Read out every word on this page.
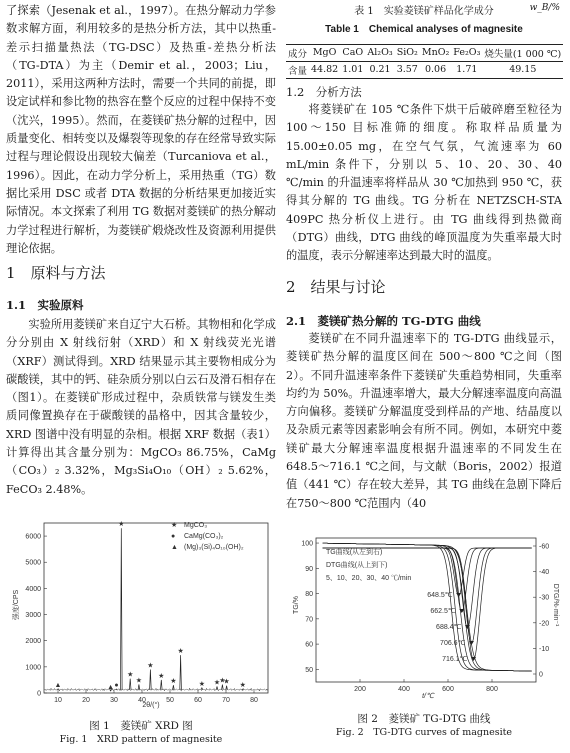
了探索（Jesenak et al.，1997）。在热分解动力学参数求解方面，利用较多的是热分析方法，其中以热重-差示扫描量热法（TG-DSC）及热重-差热分析法（TG-DTA）为主（Demir et al.，2003；Liu，2011），采用这两种方法时，需要一个共同的前提，即设定试样和参比物的热容在整个反应的过程中保持不变（沈兴，1995）。然而，在菱镁矿热分解的过程中，因质量变化、相转变以及爆裂等现象的存在经常导致实际过程与理论假设出现较大偏差（Turcaniova et al.，1996）。因此，在动力学分析上，采用热重（TG）数据比采用 DSC 或者 DTA 数据的分析结果更加接近实际情况。本文探索了利用 TG 数据对菱镁矿的热分解动力学过程进行解析，为菱镁矿煅烧改性及资源利用提供理论依据。

1　原料与方法
1.1　实验原料

实验所用菱镁矿来自辽宁大石桥。其物相和化学成分分别由 X 射线衍射（XRD）和 X 射线荧光光谱（XRF）测试得到。XRD 结果显示其主要物相成分为碳酸镁，其中的钙、硅杂质分别以白云石及滑石相存在（图1）。在菱镁矿形成过程中，杂质铁常与镁发生类质同像置换存在于碳酸镁的晶格中，因其含量较少，XRD 图谱中没有明显的杂相。根据 XRF 数据（表1）计算得出其含量分别为：MgCO₃ 86.75%，CaMg（CO₃）₂ 3.32%，Mg₃Si₄O₁₀（OH）₂ 5.62%，FeCO₃ 2.48%。

0
1000
2000
3000
4000
5000
6000
10	20	30	40	50	60	70	80
▲	▲ ●
★
★
★
★
★
★
★
★ ★ ★
★ ★
★ MgCO₃
● CaMg(CO₃)₂
▲ (Mg)₃(Si)₄O₁₀(OH)₂
强度/CPS
2θ/(°)
图 1　菱镁矿 XRD 图
Fig. 1　XRD pattern of magnesite

表 1　实验菱镁矿样品化学成分	w_B/%

Table 1　Chemical analyses of magnesite

成分	MgO	CaO	Al₂O₃	SiO₂	MnO₂	Fe₂O₃	烧失量(1 000 ℃)
含量	44.82	1.01	0.21	3.57	0.06	1.71	49.15
1.2　分析方法

将菱镁矿在 105 ℃条件下烘干后破碎磨至粒径为 100～150 目标准筛的细度。称取样品质量为 15.00±0.05 mg，在空气气氛，气流速率为 60 mL/min 条件下，分别以 5、10、20、30、40 ℃/min 的升温速率将样品从 30 ℃加热到 950 ℃，获得其分解的 TG 曲线。TG 分析在 NETZSCH-STA 409PC 热分析仪上进行。由 TG 曲线得到热微商（DTG）曲线，DTG 曲线的峰顶温度为失重率最大时的温度，表示分解速率达到最大时的温度。

2　结果与讨论
2.1　菱镁矿热分解的 TG-DTG 曲线

菱镁矿在不同升温速率下的 TG-DTG 曲线显示，菱镁矿热分解的温度区间在 500～800 ℃之间（图2）。不同升温速率条件下菱镁矿失重趋势相同，失重率均约为 50%。升温速率增大，最大分解速率温度向高温方向偏移。菱镁矿分解温度受到样品的产地、结晶度以及杂质元素等因素影响会有所不同。例如，本研究中菱镁矿最大分解速率温度根据升温速率的不同发生在 648.5～716.1 ℃之间，与文献（Boris，2002）报道值（441 ℃）存在较大差异，其 TG 曲线在急剧下降后在750～800 ℃范围内（40

50
60
70
80
90
100	-60
-40
-30
-20
-10
0
200	400	600	800
648.5℃
662.5℃
688.4℃
706.6℃
716.1℃
TG曲线(从左到右)
DTG曲线(从上到下)
5、10、20、30、40 ℃/min
TG/%	DTG/%·min⁻¹
t/℃
图 2　菱镁矿 TG-DTG 曲线
Fig. 2　TG-DTG curves of magnesite
